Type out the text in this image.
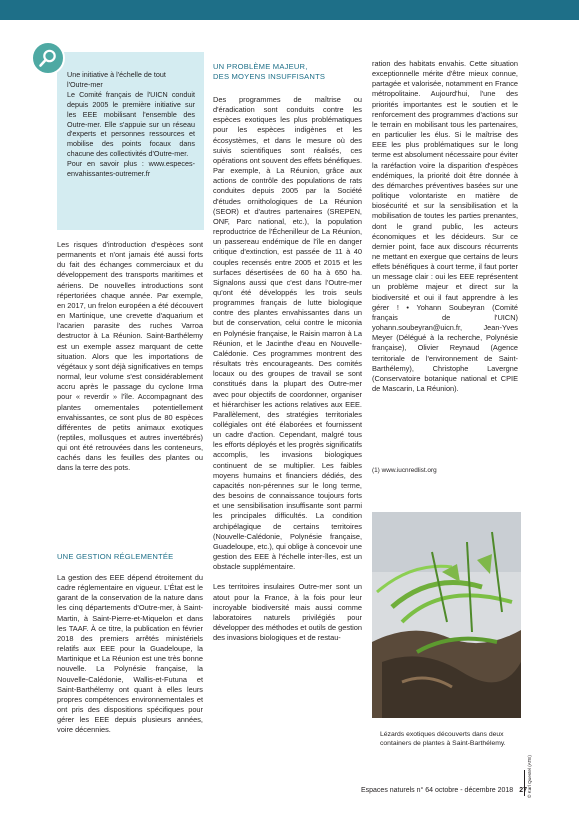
Une initiative à l'échelle de tout

l'Outre-mer

Le Comité français de l'UICN conduit depuis 2005 le première initiative sur les EEE mobilisant l'ensemble des Outre-mer. Elle s'appuie sur un réseau d'experts et personnes ressources et mobilise des points focaux dans chacune des collectivités d'Outre-mer.

Pour en savoir plus : www.especes-envahissantes-outremer.fr

Les risques d'introduction d'espèces sont permanents et n'ont jamais été aussi forts du fait des échanges commerciaux et du développement des transports maritimes et aériens. De nouvelles introductions sont répertoriées chaque année. Par exemple, en 2017, un frelon européen a été découvert en Martinique, une crevette d'aquarium et l'acarien parasite des ruches Varroa destructor à La Réunion. Saint-Barthélemy est un exemple assez marquant de cette situation. Alors que les importations de végétaux y sont déjà significatives en temps normal, leur volume s'est considérablement accru après le passage du cyclone Irma pour « reverdir » l'île. Accompagnant des plantes ornementales potentiellement envahissantes, ce sont plus de 80 espèces différentes de petits animaux exotiques (reptiles, mollusques et autres invertébrés) qui ont été retrouvées dans les conteneurs, cachés dans les feuilles des plantes ou dans la terre des pots.

UNE GESTION RÉGLEMENTÉE

La gestion des EEE dépend étroitement du cadre réglementaire en vigueur. L'État est le garant de la conservation de la nature dans les cinq départements d'Outre-mer, à Saint-Martin, à Saint-Pierre-et-Miquelon et dans les TAAF. À ce titre, la publication en février 2018 des premiers arrêtés ministériels relatifs aux EEE pour la Guadeloupe, la Martinique et La Réunion est une très bonne nouvelle. La Polynésie française, la Nouvelle-Calédonie, Wallis-et-Futuna et Saint-Barthélemy ont quant à elles leurs propres compétences environnementales et ont pris des dispositions spécifiques pour gérer les EEE depuis plusieurs années, voire décennies.

UN PROBLÈME MAJEUR,
DES MOYENS INSUFFISANTS

Des programmes de maîtrise ou d'éradication sont conduits contre les espèces exotiques les plus problématiques pour les espèces indigènes et les écosystèmes, et dans le mesure où des suivis scientifiques sont réalisés, ces opérations ont souvent des effets bénéfiques. Par exemple, à La Réunion, grâce aux actions de contrôle des populations de rats conduites depuis 2005 par la Société d'études ornithologiques de La Réunion (SEOR) et d'autres partenaires (SREPEN, ONF, Parc national, etc.), la population reproductrice de l'Échenilleur de La Réunion, un passereau endémique de l'île en danger critique d'extinction, est passée de 11 à 40 couples recensés entre 2005 et 2015 et les surfaces désertisées de 60 ha à 650 ha. Signalons aussi que c'est dans l'Outre-mer qu'ont été développés les trois seuls programmes français de lutte biologique contre des plantes envahissantes dans un but de conservation, celui contre le miconia en Polynésie française, le Raisin marron à La Réunion, et le Jacinthe d'eau en Nouvelle-Calédonie. Ces programmes montrent des résultats très encourageants. Des comités locaux ou des groupes de travail se sont constitués dans la plupart des Outre-mer avec pour objectifs de coordonner, organiser et hiérarchiser les actions relatives aux EEE. Parallèlement, des stratégies territoriales collégiales ont été élaborées et fournissent un cadre d'action. Cependant, malgré tous les efforts déployés et les progrès significatifs accomplis, les invasions biologiques continuent de se multiplier. Les faibles moyens humains et financiers dédiés, des capacités non-pérennes sur le long terme, des besoins de connaissance toujours forts et une sensibilisation insuffisante sont parmi les principales difficultés. La condition archipélagique de certains territoires (Nouvelle-Calédonie, Polynésie française, Guadeloupe, etc.), qui oblige à concevoir une gestion des EEE à l'échelle inter-îles, est un obstacle supplémentaire.

Les territoires insulaires Outre-mer sont un atout pour la France, à la fois pour leur incroyable biodiversité mais aussi comme laboratoires naturels privilégiés pour développer des méthodes et outils de gestion des invasions biologiques et de restau-

ration des habitats envahis. Cette situation exceptionnelle mérite d'être mieux connue, partagée et valorisée, notamment en France métropolitaine. Aujourd'hui, l'une des priorités importantes est le soutien et le renforcement des programmes d'actions sur le terrain en mobilisant tous les partenaires, en particulier les élus. Si le maîtrise des EEE les plus problématiques sur le long terme est absolument nécessaire pour éviter la raréfaction voire la disparition d'espèces endémiques, la priorité doit être donnée à des démarches préventives basées sur une politique volontariste en matière de biosécurité et sur la sensibilisation et la mobilisation de toutes les parties prenantes, dont le grand public, les acteurs économiques et les décideurs. Sur ce dernier point, face aux discours récurrents ne mettant en exergue que certains de leurs effets bénéfiques à court terme, il faut porter un message clair : oui les EEE représentent un problème majeur et direct sur la biodiversité et oui il faut apprendre à les gérer ! • Yohann Soubeyran (Comité français de l'UICN) yohann.soubeyran@uicn.fr, Jean-Yves Meyer (Délégué à la recherche, Polynésie française), Olivier Reynaud (Agence territoriale de l'environnement de Saint-Barthélemy), Christophe Lavergne (Conservatoire botanique national et CPIE de Mascarin, La Réunion).

(1) www.iucnredlist.org
Lézards exotiques découverts dans deux containers de plantes à Saint-Barthélemy.
© Karl Questel (ATE)
Espaces naturels n° 64 octobre - décembre 2018 27
